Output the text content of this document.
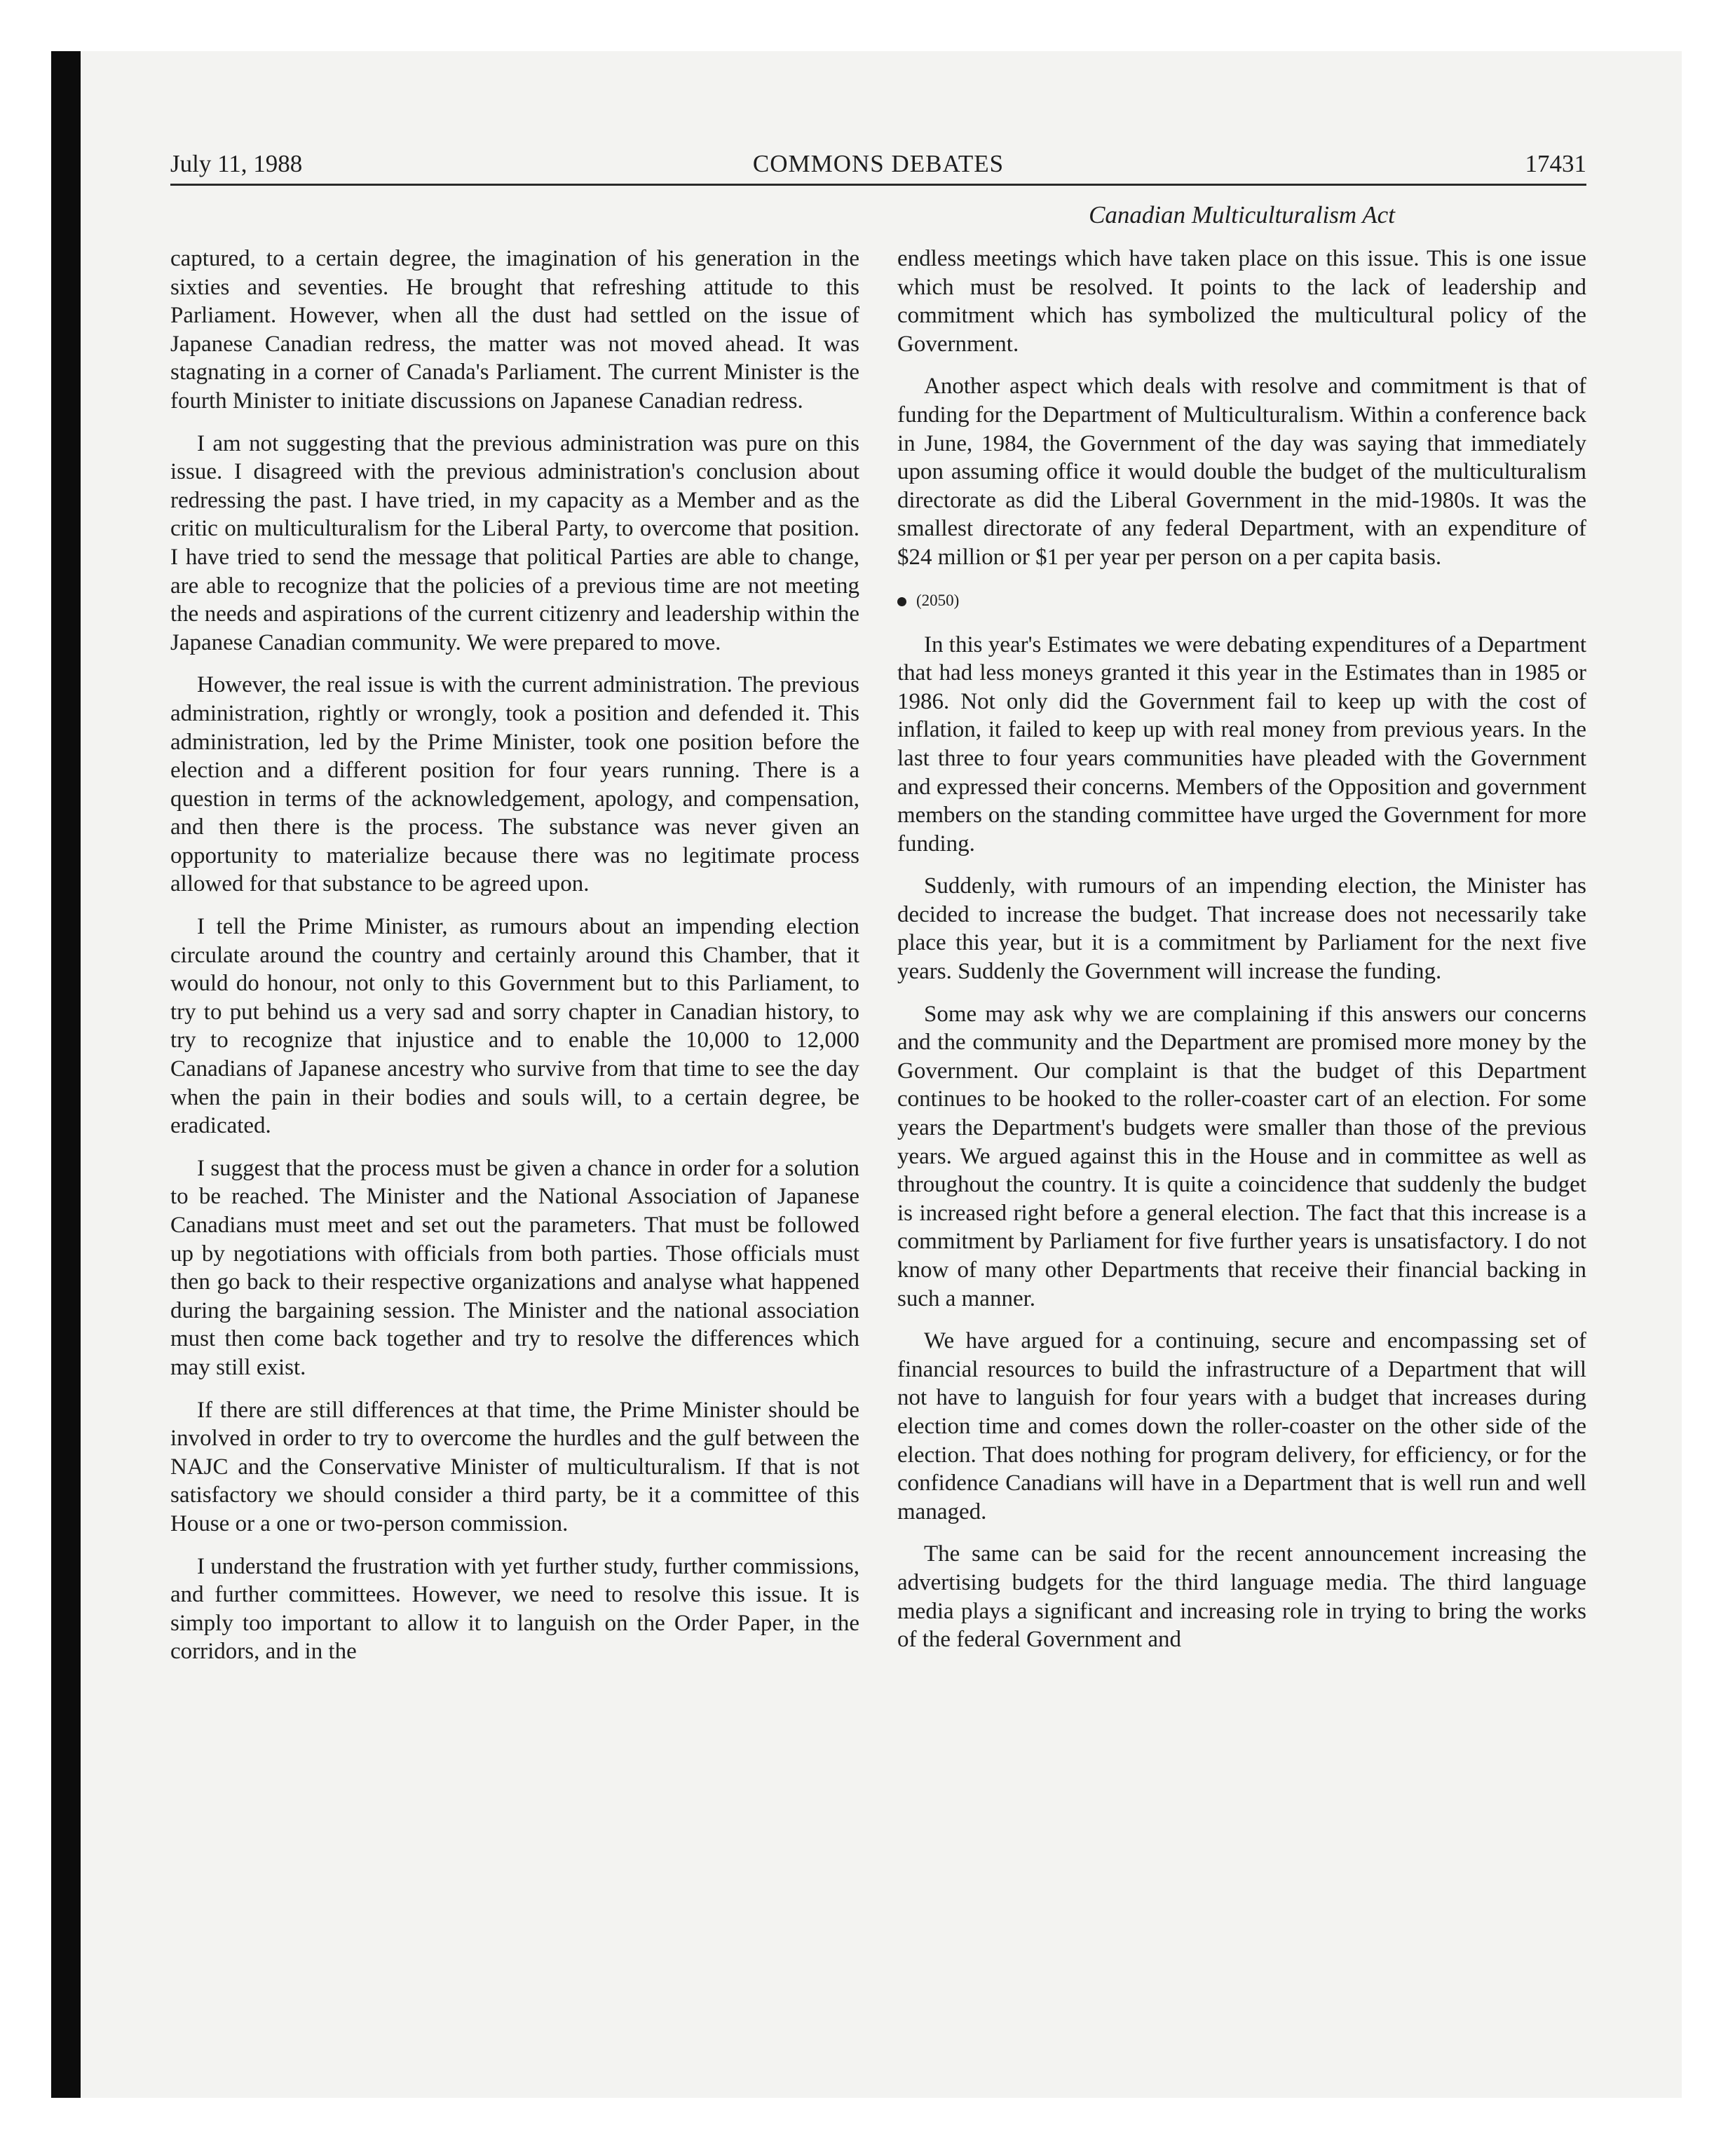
July 11, 1988	COMMONS DEBATES	17431
Canadian Multiculturalism Act

captured, to a certain degree, the imagination of his generation in the sixties and seventies. He brought that refreshing attitude to this Parliament. However, when all the dust had settled on the issue of Japanese Canadian redress, the matter was not moved ahead. It was stagnating in a corner of Canada's Parliament. The current Minister is the fourth Minister to initiate discussions on Japanese Canadian redress.

I am not suggesting that the previous administration was pure on this issue. I disagreed with the previous administration's conclusion about redressing the past. I have tried, in my capacity as a Member and as the critic on multiculturalism for the Liberal Party, to overcome that position. I have tried to send the message that political Parties are able to change, are able to recognize that the policies of a previous time are not meeting the needs and aspirations of the current citizenry and leadership within the Japanese Canadian community. We were prepared to move.

However, the real issue is with the current administration. The previous administration, rightly or wrongly, took a position and defended it. This administration, led by the Prime Minister, took one position before the election and a different position for four years running. There is a question in terms of the acknowledgement, apology, and compensation, and then there is the process. The substance was never given an opportunity to materialize because there was no legitimate process allowed for that substance to be agreed upon.

I tell the Prime Minister, as rumours about an impending election circulate around the country and certainly around this Chamber, that it would do honour, not only to this Government but to this Parliament, to try to put behind us a very sad and sorry chapter in Canadian history, to try to recognize that injustice and to enable the 10,000 to 12,000 Canadians of Japanese ancestry who survive from that time to see the day when the pain in their bodies and souls will, to a certain degree, be eradicated.

I suggest that the process must be given a chance in order for a solution to be reached. The Minister and the National Association of Japanese Canadians must meet and set out the parameters. That must be followed up by negotiations with officials from both parties. Those officials must then go back to their respective organizations and analyse what happened during the bargaining session. The Minister and the national association must then come back together and try to resolve the differences which may still exist.

If there are still differences at that time, the Prime Minister should be involved in order to try to overcome the hurdles and the gulf between the NAJC and the Conservative Minister of multiculturalism. If that is not satisfactory we should consider a third party, be it a committee of this House or a one or two-person commission.

I understand the frustration with yet further study, further commissions, and further committees. However, we need to resolve this issue. It is simply too important to allow it to languish on the Order Paper, in the corridors, and in the

endless meetings which have taken place on this issue. This is one issue which must be resolved. It points to the lack of leadership and commitment which has symbolized the multicultural policy of the Government.

Another aspect which deals with resolve and commitment is that of funding for the Department of Multiculturalism. Within a conference back in June, 1984, the Government of the day was saying that immediately upon assuming office it would double the budget of the multiculturalism directorate as did the Liberal Government in the mid-1980s. It was the smallest directorate of any federal Department, with an expenditure of $24 million or $1 per year per person on a per capita basis.

(2050)

In this year's Estimates we were debating expenditures of a Department that had less moneys granted it this year in the Estimates than in 1985 or 1986. Not only did the Government fail to keep up with the cost of inflation, it failed to keep up with real money from previous years. In the last three to four years communities have pleaded with the Government and expressed their concerns. Members of the Opposition and government members on the standing committee have urged the Government for more funding.

Suddenly, with rumours of an impending election, the Minister has decided to increase the budget. That increase does not necessarily take place this year, but it is a commitment by Parliament for the next five years. Suddenly the Government will increase the funding.

Some may ask why we are complaining if this answers our concerns and the community and the Department are promised more money by the Government. Our complaint is that the budget of this Department continues to be hooked to the roller-coaster cart of an election. For some years the Department's budgets were smaller than those of the previous years. We argued against this in the House and in committee as well as throughout the country. It is quite a coincidence that suddenly the budget is increased right before a general election. The fact that this increase is a commitment by Parliament for five further years is unsatisfactory. I do not know of many other Departments that receive their financial backing in such a manner.

We have argued for a continuing, secure and encompassing set of financial resources to build the infrastructure of a Department that will not have to languish for four years with a budget that increases during election time and comes down the roller-coaster on the other side of the election. That does nothing for program delivery, for efficiency, or for the confidence Canadians will have in a Department that is well run and well managed.

The same can be said for the recent announcement increasing the advertising budgets for the third language media. The third language media plays a significant and increasing role in trying to bring the works of the federal Government and
